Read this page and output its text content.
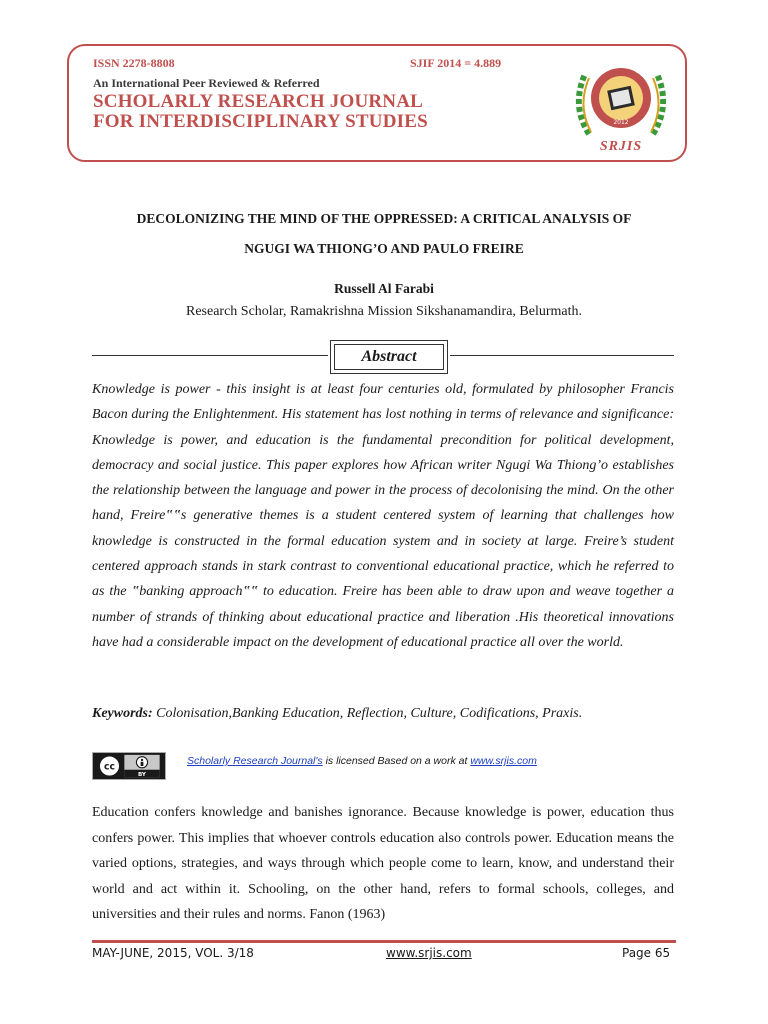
ISSN 2278-8808	SJIF 2014 = 4.889
An International Peer Reviewed & Referred
SCHOLARLY RESEARCH JOURNAL
FOR INTERDISCIPLINARY STUDIES	2012
SRJIS
DECOLONIZING THE MIND OF THE OPPRESSED: A CRITICAL ANALYSIS OF
NGUGI WA THIONG’O AND PAULO FREIRE
Russell Al Farabi
Research Scholar, Ramakrishna Mission Sikshanamandira, Belurmath.
Abstract

Knowledge is power - this insight is at least four centuries old, formulated by philosopher Francis Bacon during the Enlightenment. His statement has lost nothing in terms of relevance and significance: Knowledge is power, and education is the fundamental precondition for political development, democracy and social justice. This paper explores how African writer Ngugi Wa Thiong’o establishes the relationship between the language and power in the process of decolonising the mind. On the other hand, Freire‟‟s generative themes is a student centered system of learning that challenges how knowledge is constructed in the formal education system and in society at large. Freire’s student centered approach stands in stark contrast to conventional educational practice, which he referred to as the ‟banking approach‟‟ to education. Freire has been able to draw upon and weave together a number of strands of thinking about educational practice and liberation .His theoretical innovations have had a considerable impact on the development of educational practice all over the world.

Keywords: Colonisation,Banking Education, Reflection, Culture, Codifications, Praxis.
cc
BY
Scholarly Research Journal's is licensed Based on a work at www.srjis.com

Education confers knowledge and banishes ignorance. Because knowledge is power, education thus confers power. This implies that whoever controls education also controls power. Education means the varied options, strategies, and ways through which people come to learn, know, and understand their world and act within it. Schooling, on the other hand, refers to formal schools, colleges, and universities and their rules and norms. Fanon (1963)

MAY-JUNE, 2015, VOL. 3/18	www.srjis.com	Page 65
